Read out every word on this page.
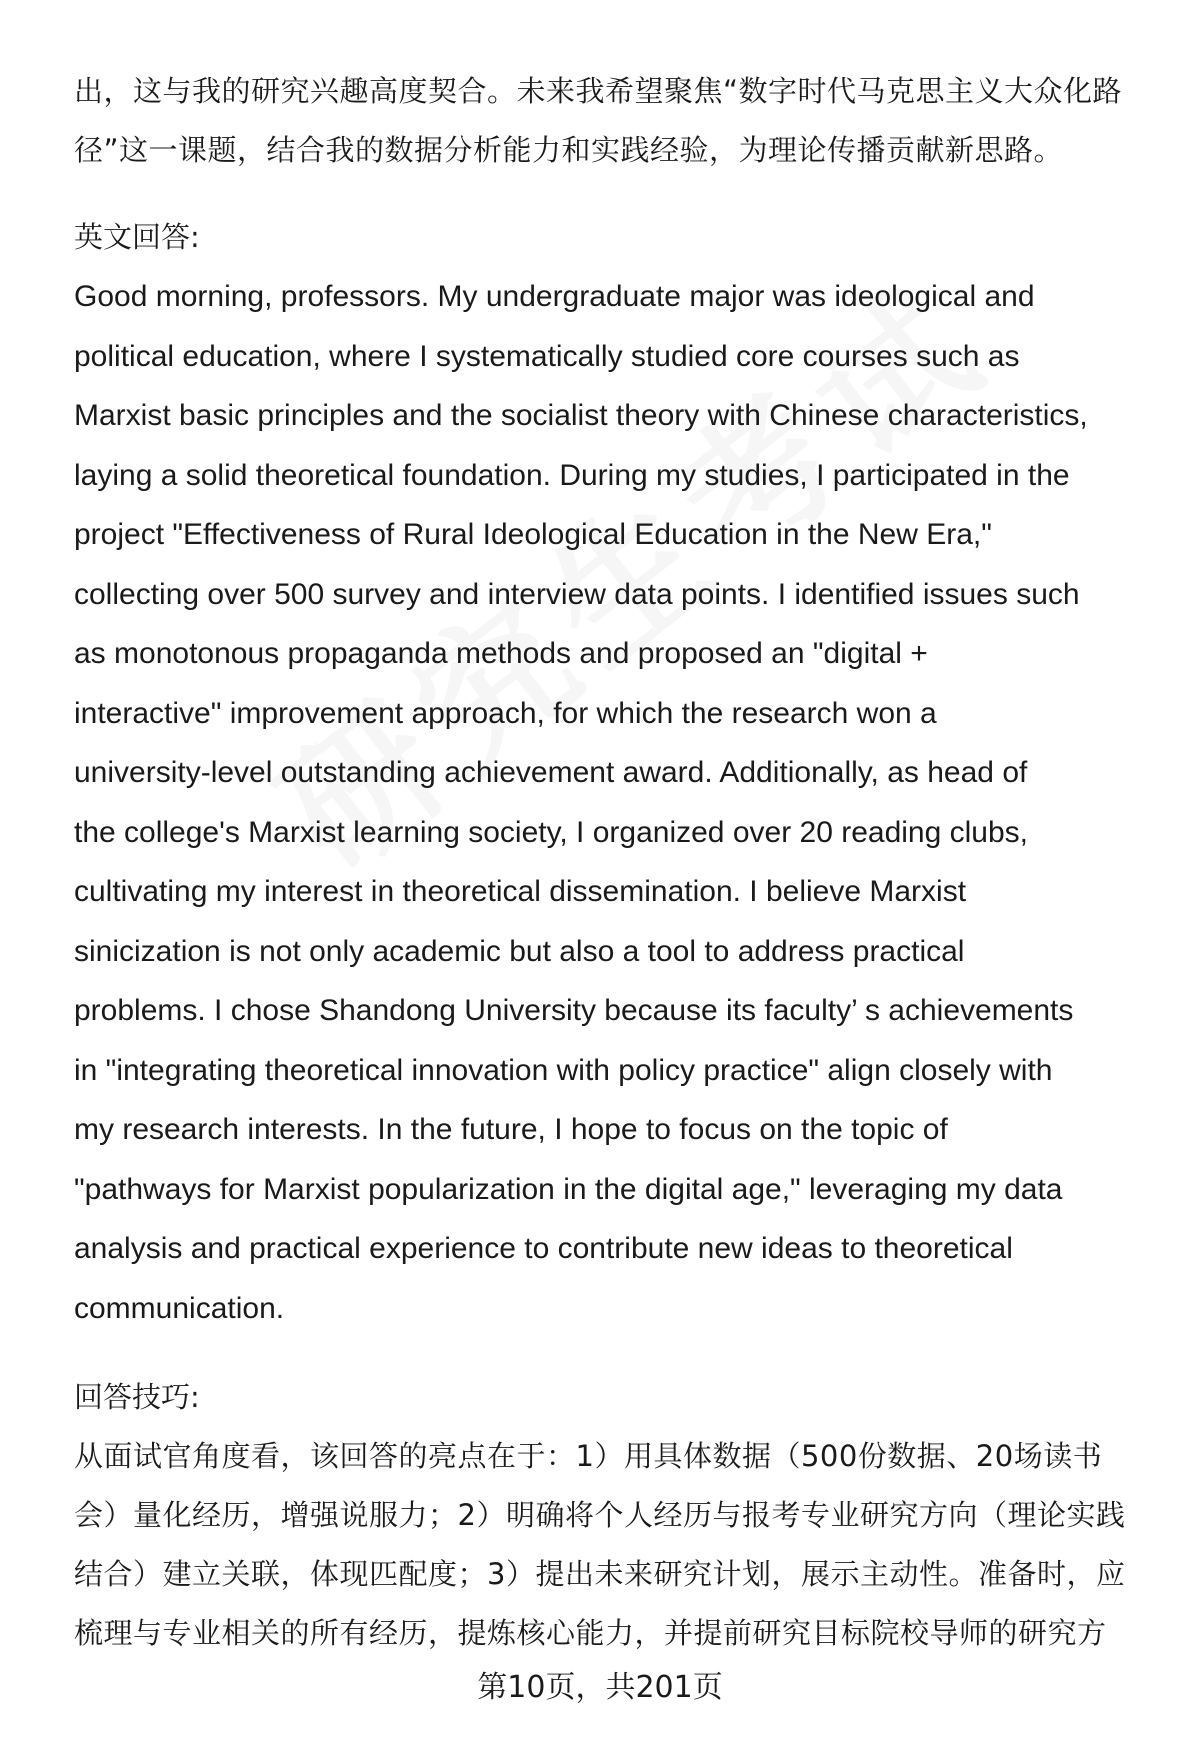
出，这与我的研究兴趣高度契合。未来我希望聚焦“数字时代马克思主义大众化路

径”这一课题，结合我的数据分析能力和实践经验，为理论传播贡献新思路。

英文回答:

Good morning, professors. My undergraduate major was ideological and

political education, where I systematically studied core courses such as

Marxist basic principles and the socialist theory with Chinese characteristics,

laying a solid theoretical foundation. During my studies, I participated in the

project "Effectiveness of Rural Ideological Education in the New Era,"

collecting over 500 survey and interview data points. I identified issues such

as monotonous propaganda methods and proposed an "digital +

interactive" improvement approach, for which the research won a

university-level outstanding achievement award. Additionally, as head of

the college's Marxist learning society, I organized over 20 reading clubs,

cultivating my interest in theoretical dissemination. I believe Marxist

sinicization is not only academic but also a tool to address practical

problems. I chose Shandong University because its faculty’ s achievements

in "integrating theoretical innovation with policy practice" align closely with

my research interests. In the future, I hope to focus on the topic of

"pathways for Marxist popularization in the digital age," leveraging my data

analysis and practical experience to contribute new ideas to theoretical

communication.

回答技巧:

从面试官角度看，该回答的亮点在于：1）用具体数据（500份数据、20场读书

会）量化经历，增强说服力；2）明确将个人经历与报考专业研究方向（理论实践

结合）建立关联，体现匹配度；3）提出未来研究计划，展示主动性。准备时，应

梳理与专业相关的所有经历，提炼核心能力，并提前研究目标院校导师的研究方

第10页，共201页
